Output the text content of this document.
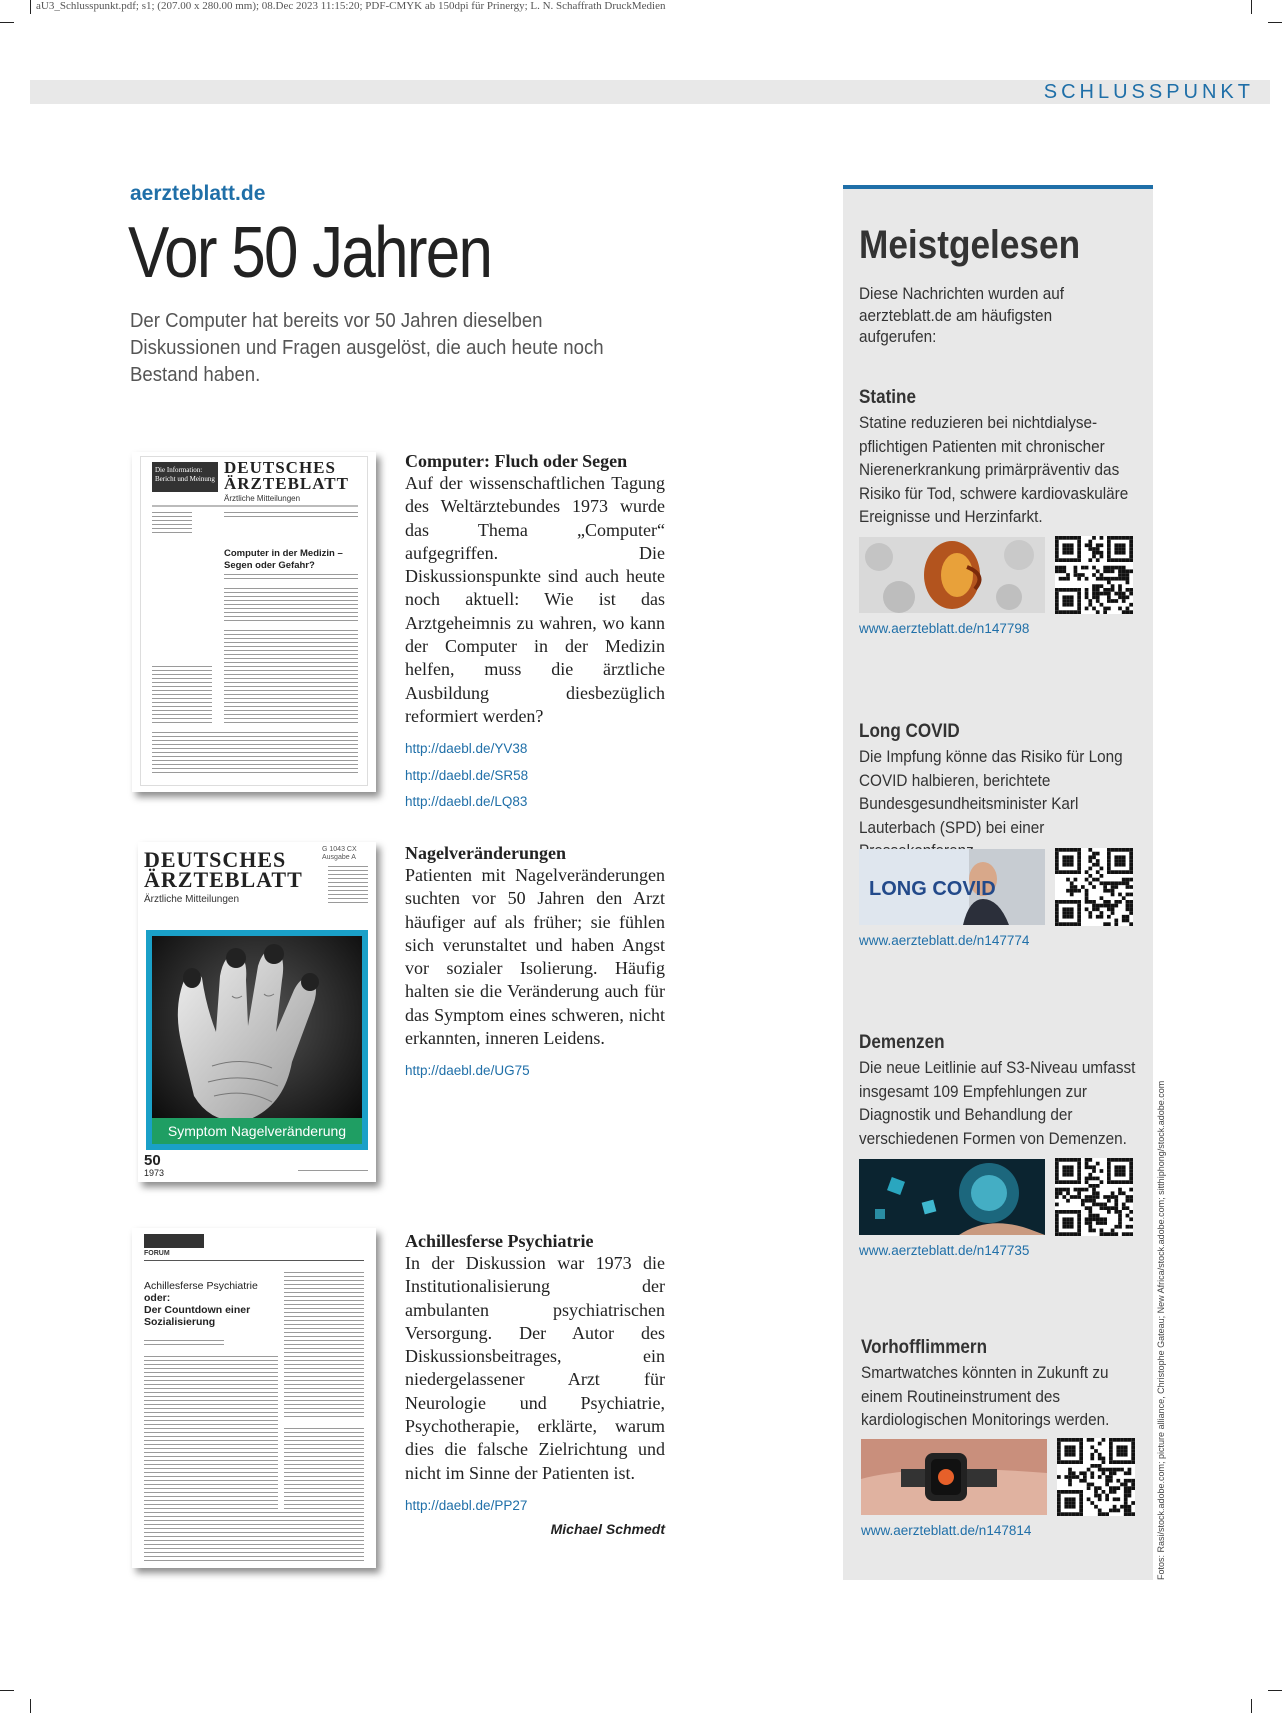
aU3_Schlusspunkt.pdf; s1; (207.00 x 280.00 mm); 08.Dec 2023 11:15:20; PDF-CMYK ab 150dpi für Prinergy; L. N. Schaffrath DruckMedien
SCHLUSSPUNKT
aerzteblatt.de
Vor 50 Jahren
Der Computer hat bereits vor 50 Jahren dieselben Diskussionen und Fragen ausgelöst, die auch heute noch Bestand haben.
Die Information: Bericht und Meinung
DEUTSCHES
ÄRZTEBLATT
Ärztliche Mitteilungen
Computer in der Medizin – Segen oder Gefahr?
Computer: Fluch oder Segen

Auf der wissenschaftlichen Tagung des Weltärztebundes 1973 wurde das Thema „Computer“ aufgegriffen. Die Diskussionspunkte sind auch heute noch aktuell: Wie ist das Arztgeheimnis zu wahren, wo kann der Computer in der Medizin helfen, muss die ärztliche Ausbildung diesbezüglich reformiert werden?

http://daebl.de/YV38
http://daebl.de/SR58
http://daebl.de/LQ83
DEUTSCHES
ÄRZTEBLATT
Ärztliche Mitteilungen
G 1043 CX Ausgabe A
Symptom Nagelveränderung
50
1973
Nagelveränderungen

Patienten mit Nagelveränderungen suchten vor 50 Jahren den Arzt häufiger auf als früher; sie fühlen sich verunstaltet und haben Angst vor sozialer Isolierung. Häufig halten sie die Veränderung auch für das Symptom eines schweren, nicht erkannten, inneren Leidens.

http://daebl.de/UG75
FORUM
Achillesferse Psychiatrie
oder:
Der Countdown einer Sozialisierung
Achillesferse Psychiatrie

In der Diskussion war 1973 die Institutionalisierung der ambulanten psychiatrischen Versorgung. Der Autor des Diskussionsbeitrages, ein niedergelassener Arzt für Neurologie und Psychiatrie, Psychotherapie, erklärte, warum dies die falsche Zielrichtung und nicht im Sinne der Patienten ist.

http://daebl.de/PP27
Michael Schmedt
Meistgelesen
Diese Nachrichten wurden auf aerzteblatt.de am häufigsten aufgerufen:
Statine

Statine reduzieren bei nichtdialyse-pflichtigen Patienten mit chronischer Nierenerkrankung primärpräventiv das Risiko für Tod, schwere kardiovaskuläre Ereignisse und Herzinfarkt.

www.aerzteblatt.de/n147798
Long COVID

Die Impfung könne das Risiko für Long COVID halbieren, berichtete Bundesgesundheitsminister Karl Lauterbach (SPD) bei einer

LONG COVID
www.aerzteblatt.de/n147774
Demenzen

Die neue Leitlinie auf S3-Niveau umfasst insgesamt 109 Empfehlungen zur Diagnostik und Behandlung der verschiedenen Formen von Demenzen.

www.aerzteblatt.de/n147735
Vorhofflimmern

Smartwatches könnten in Zukunft zu einem Routineinstrument des kardiologischen Monitorings werden.

www.aerzteblatt.de/n147814	Fotos: Rasi/stock.adobe.com; picture alliance, Christophe Gateau; New Africa/stock.adobe.com; sitthiphong/stock.adobe.com
